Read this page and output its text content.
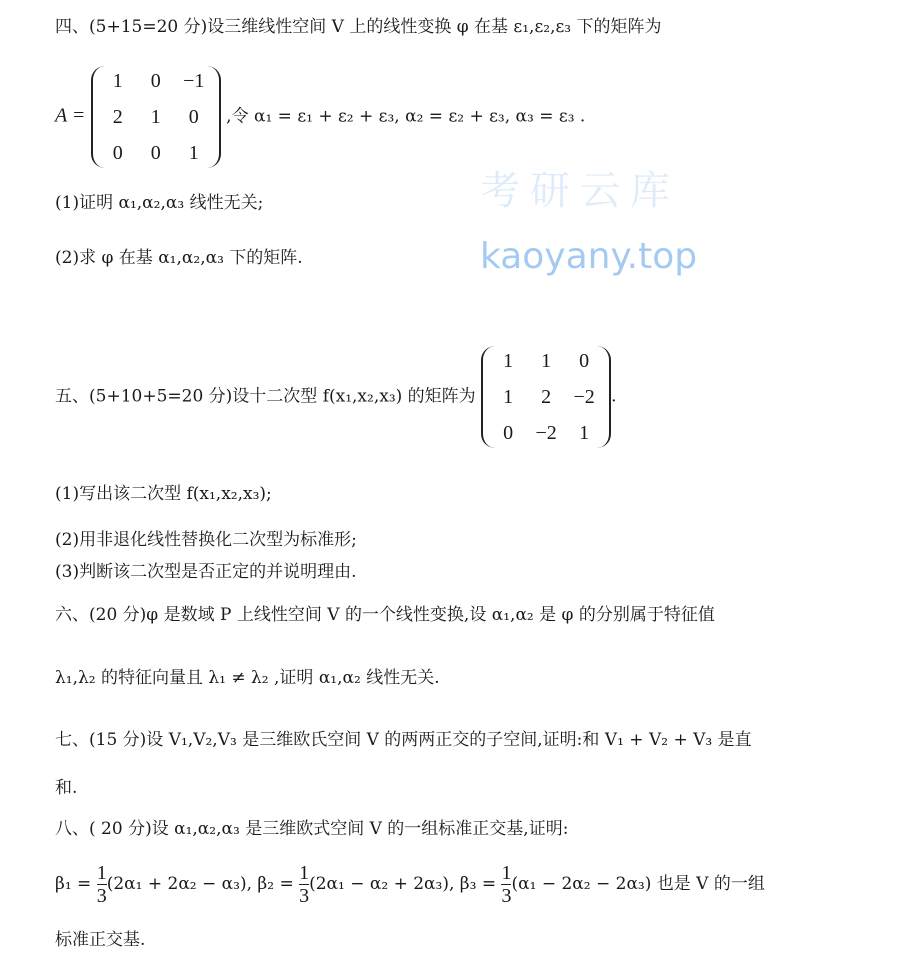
考研云库
kaoyany.top
四、(5+15=20 分)设三维线性空间 V 上的线性变换 φ 在基 ε₁,ε₂,ε₃ 下的矩阵为
A =
1	0	−1
2	1	0
0	0	1
,令 α₁ = ε₁ + ε₂ + ε₃, α₂ = ε₂ + ε₃, α₃ = ε₃ .
(1)证明 α₁,α₂,α₃ 线性无关;
(2)求 φ 在基 α₁,α₂,α₃ 下的矩阵.
五、(5+10+5=20 分)设十二次型 f(x₁,x₂,x₃) 的矩阵为
1	1	0
1	2	−2
0	−2	1
.
(1)写出该二次型 f(x₁,x₂,x₃);
(2)用非退化线性替换化二次型为标准形;
(3)判断该二次型是否正定的并说明理由.
六、(20 分)φ 是数域 P 上线性空间 V 的一个线性变换,设 α₁,α₂ 是 φ 的分别属于特征值
λ₁,λ₂ 的特征向量且 λ₁ ≠ λ₂ ,证明 α₁,α₂ 线性无关.
七、(15 分)设 V₁,V₂,V₃ 是三维欧氏空间 V 的两两正交的子空间,证明:和 V₁ + V₂ + V₃ 是直
和.
八、( 20 分)设 α₁,α₂,α₃ 是三维欧式空间 V 的一组标准正交基,证明:
$\beta_1 = \frac{1}{3} (2\alpha_1 + 2\alpha_2 - \alpha_3)$, $\beta_2 = \frac{1}{3} (2\alpha_1 - \alpha_2 + 2\alpha_3)$, $\beta_3 = \frac{1}{3} (\alpha_1 - 2\alpha_2 - 2\alpha_3)$ 也是 V 的一组
标准正交基.
